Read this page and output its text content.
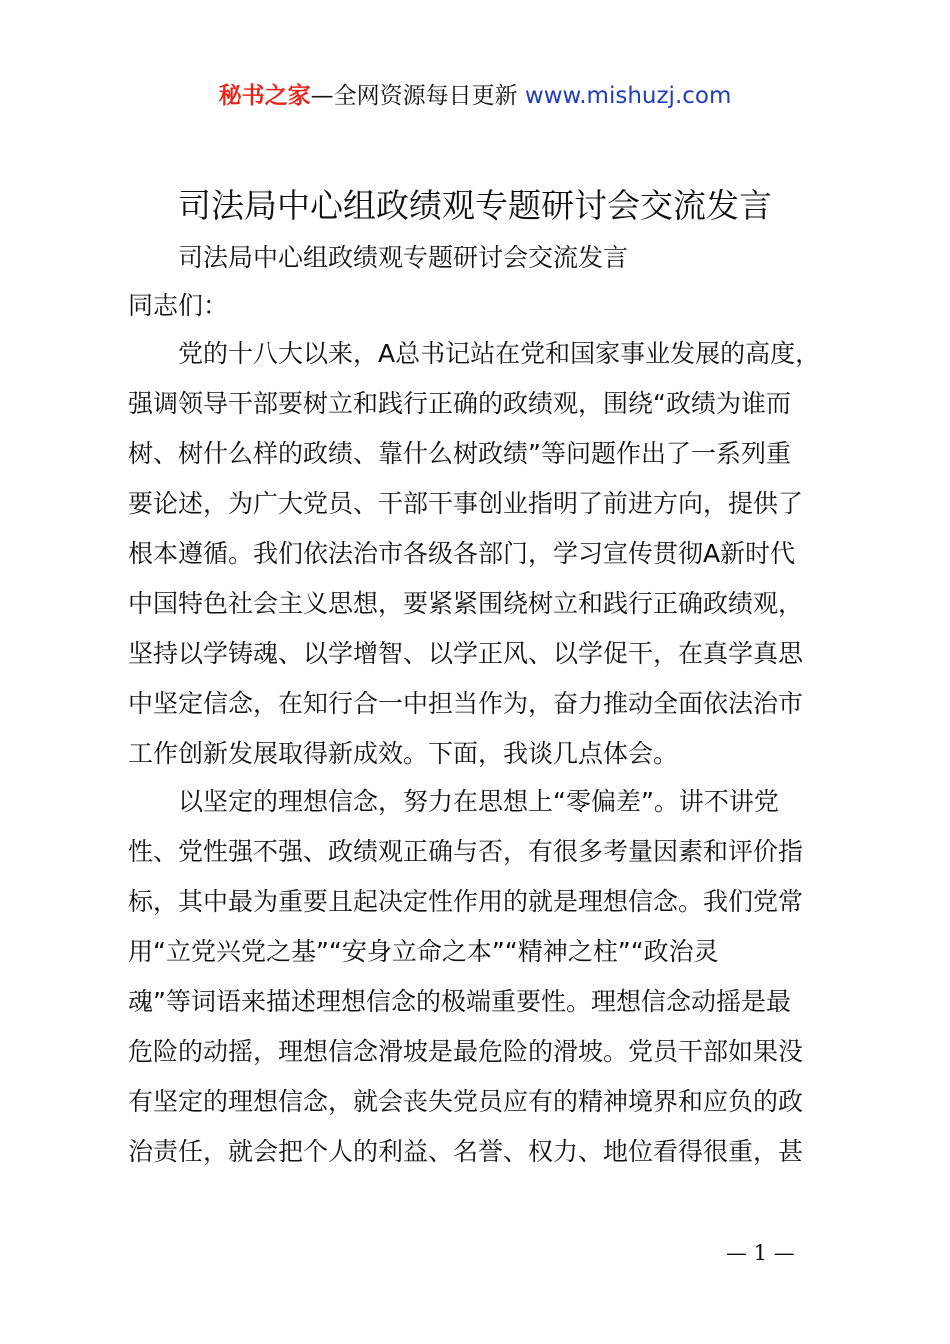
秘书之家—全网资源每日更新 www.mishuzj.com
司法局中心组政绩观专题研讨会交流发言
司法局中心组政绩观专题研讨会交流发言
同志们：
党的十八大以来，A总书记站在党和国家事业发展的高度，
强调领导干部要树立和践行正确的政绩观，围绕“政绩为谁而
树、树什么样的政绩、靠什么树政绩”等问题作出了一系列重
要论述，为广大党员、干部干事创业指明了前进方向，提供了
根本遵循。我们依法治市各级各部门，学习宣传贯彻A新时代
中国特色社会主义思想，要紧紧围绕树立和践行正确政绩观，
坚持以学铸魂、以学增智、以学正风、以学促干，在真学真思
中坚定信念，在知行合一中担当作为，奋力推动全面依法治市
工作创新发展取得新成效。下面，我谈几点体会。
以坚定的理想信念，努力在思想上“零偏差”。讲不讲党
性、党性强不强、政绩观正确与否，有很多考量因素和评价指
标，其中最为重要且起决定性作用的就是理想信念。我们党常
用“立党兴党之基”“安身立命之本”“精神之柱”“政治灵
魂”等词语来描述理想信念的极端重要性。理想信念动摇是最
危险的动摇，理想信念滑坡是最危险的滑坡。党员干部如果没
有坚定的理想信念，就会丧失党员应有的精神境界和应负的政
治责任，就会把个人的利益、名誉、权力、地位看得很重，甚
— 1 —
